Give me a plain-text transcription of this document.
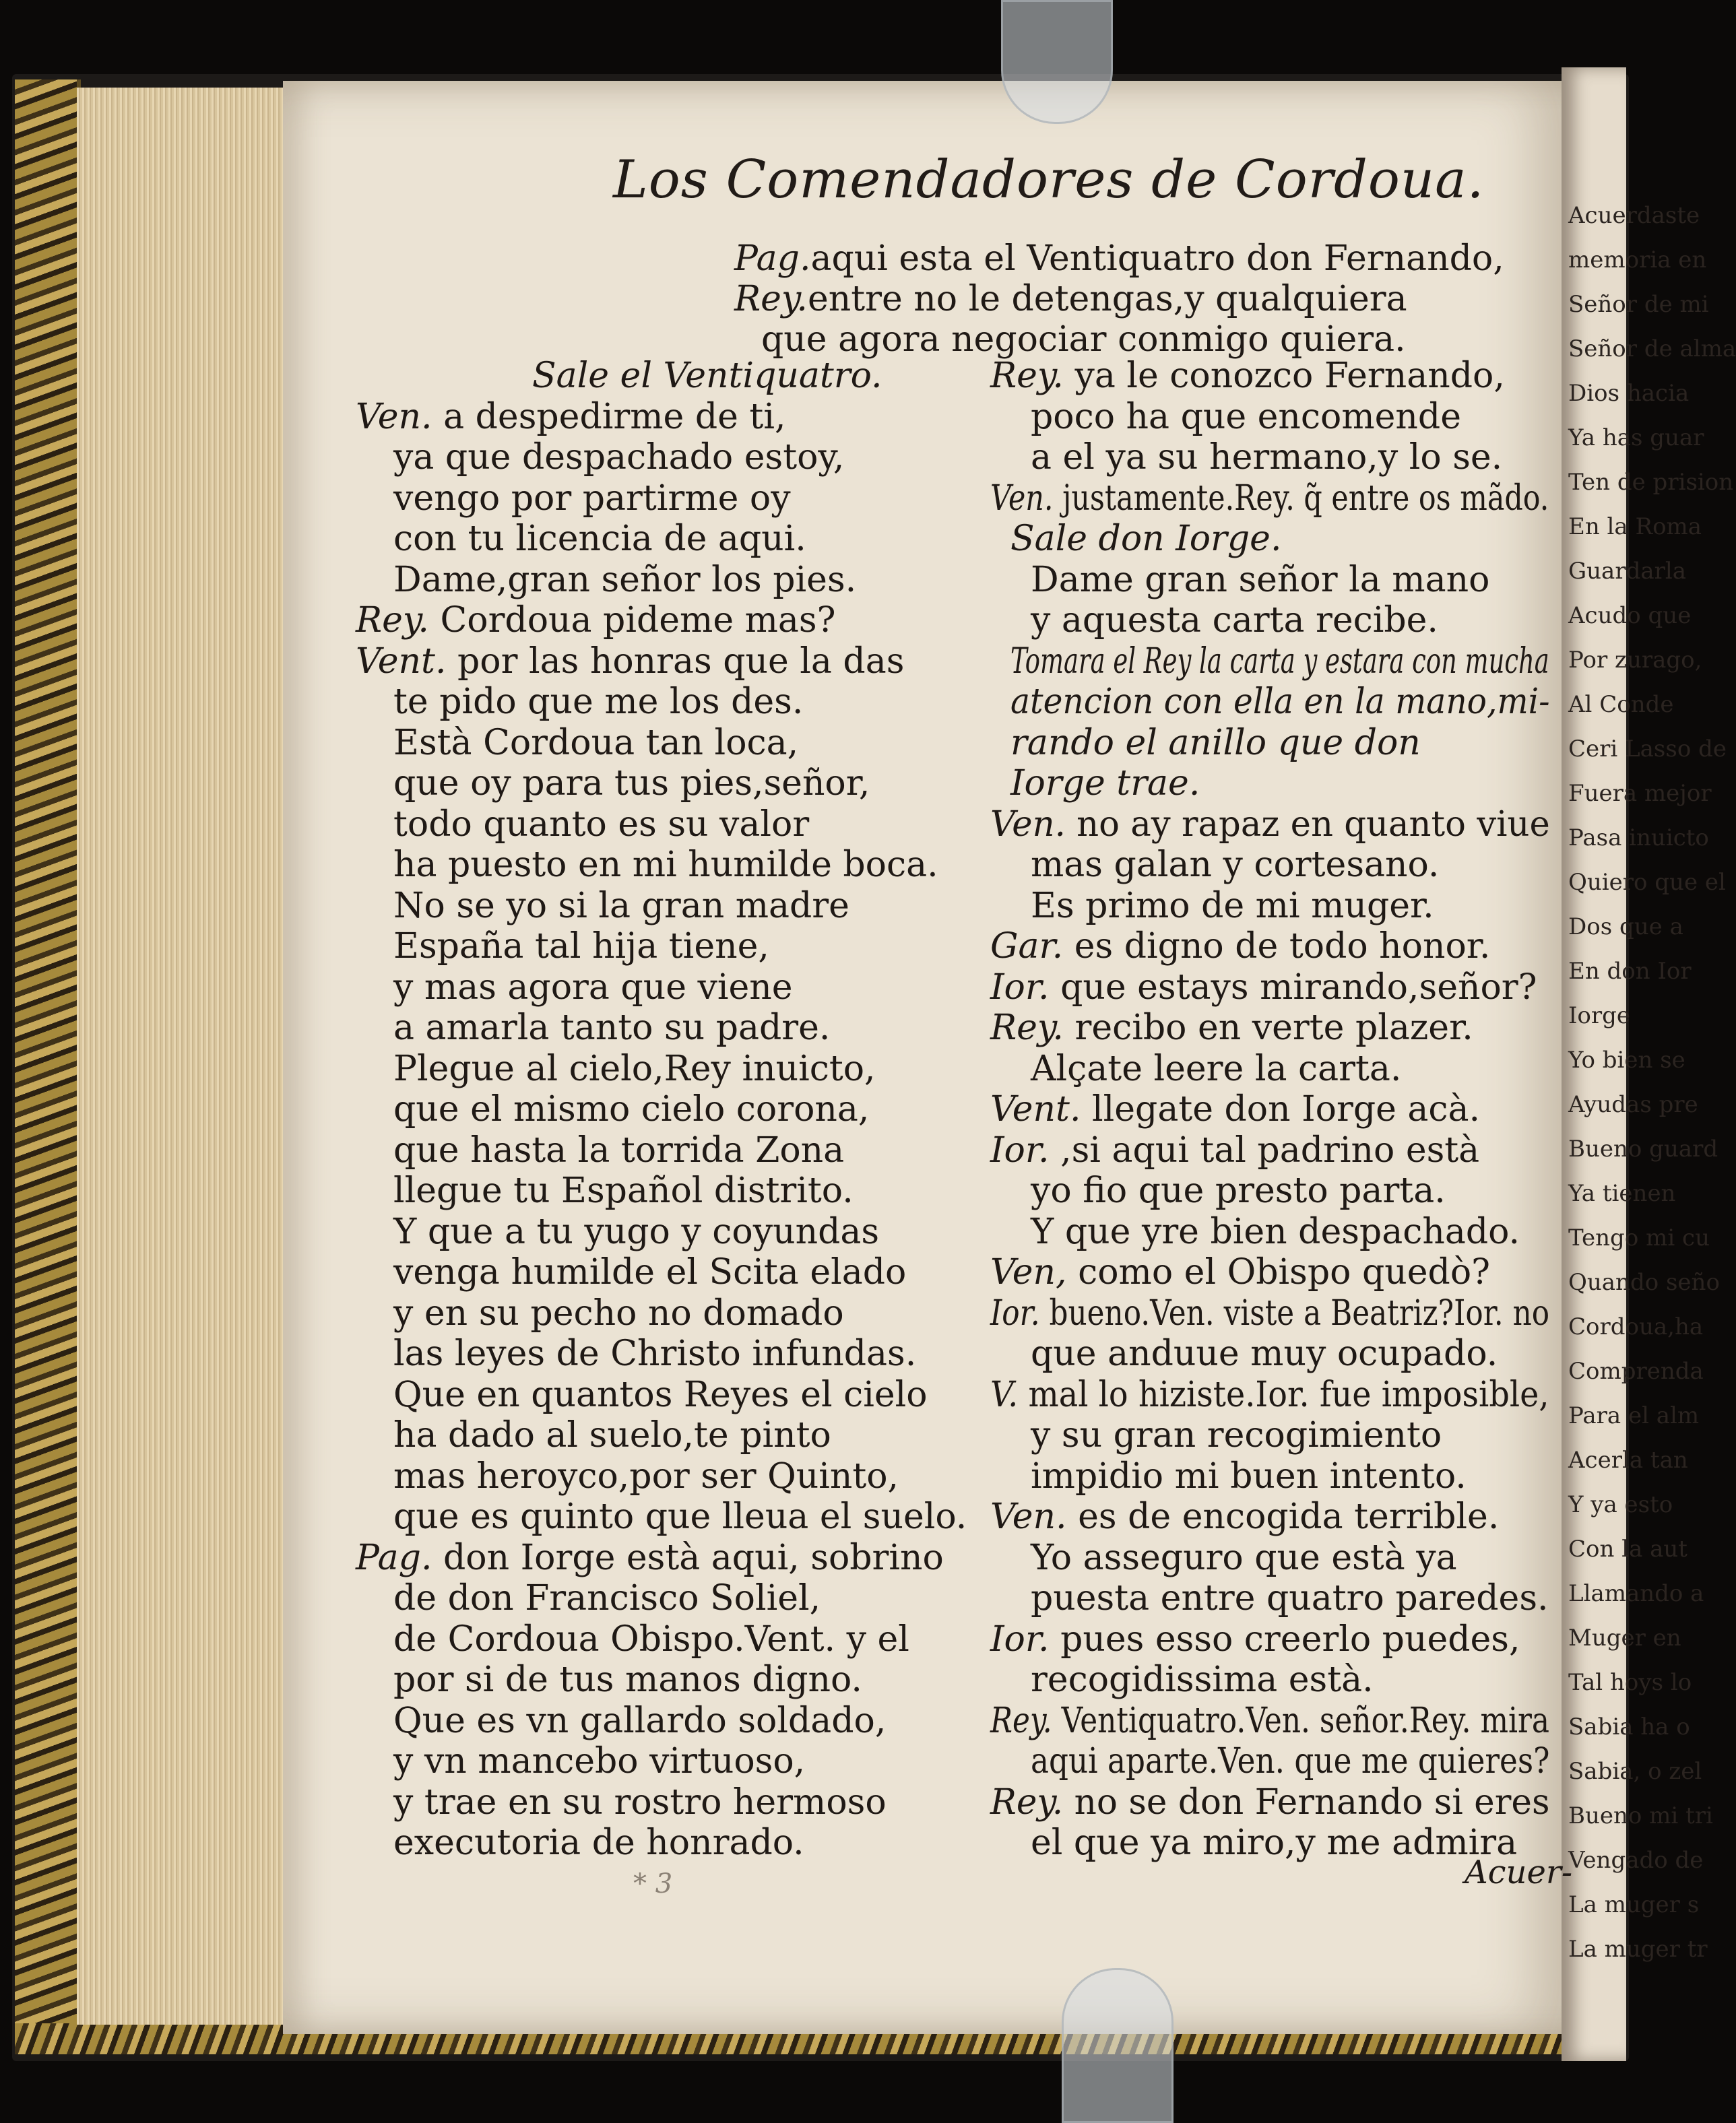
Acuerdaste
memoria en
Señor de mi
Señor de alma
Dios hacia
Ya has guar
Ten de prision
En la Roma
Guardarla
Acudo que
Por zurago,
Al Conde
Ceri Lasso de
Fuera mejor
Pasa inuicto
Quiero que el
Dos que a
En don Ior
Iorge
Yo bien se
Ayudas pre
Bueno guard
Ya tienen
Tengo mi cu
Quando seño
Cordoua,ha
Comprenda
Para el alm
Acerla tan
Y ya esto
Con la aut
Llamando a
Muger en
Tal hoys lo
Sabia ha o
Sabia, o zel
Bueno mi tri
Vengado de
La muger s
La muger tr
Los Comendadores de Cordoua.
Pag.aqui esta el Ventiquatro don Fernando,
Rey.entre no le detengas,y qualquiera
que agora negociar conmigo quiera.
Sale el Ventiquatro.
Ven. a despedirme de ti,
ya que despachado estoy,
vengo por partirme oy
con tu licencia de aqui.
Dame,gran señor los pies.
Rey. Cordoua pideme mas?
Vent. por las honras que la das
te pido que me los des.
Està Cordoua tan loca,
que oy para tus pies,señor,
todo quanto es su valor
ha puesto en mi humilde boca.
No se yo si la gran madre
España tal hija tiene,
y mas agora que viene
a amarla tanto su padre.
Plegue al cielo,Rey inuicto,
que el mismo cielo corona,
que hasta la torrida Zona
llegue tu Español distrito.
Y que a tu yugo y coyundas
venga humilde el Scita elado
y en su pecho no domado
las leyes de Christo infundas.
Que en quantos Reyes el cielo
ha dado al suelo,te pinto
mas heroyco,por ser Quinto,
que es quinto que lleua el suelo.
Pag. don Iorge està aqui, sobrino
de don Francisco Soliel,
de Cordoua Obispo.Vent. y el
por si de tus manos digno.
Que es vn gallardo soldado,
y vn mancebo virtuoso,
y trae en su rostro hermoso
executoria de honrado.
Rey. ya le conozco Fernando,
poco ha que encomende
a el ya su hermano,y lo se.
Ven. justamente.Rey. q̃ entre os mãdo.
Sale don Iorge.
Dame gran señor la mano
y aquesta carta recibe.
Tomara el Rey la carta y estara con mucha
atencion con ella en la mano,mi-
rando el anillo que don
Iorge trae.
Ven. no ay rapaz en quanto viue
mas galan y cortesano.
Es primo de mi muger.
Gar. es digno de todo honor.
Ior. que estays mirando,señor?
Rey. recibo en verte plazer.
Alçate leere la carta.
Vent. llegate don Iorge acà.
Ior. ,si aqui tal padrino està
yo fio que presto parta.
Y que yre bien despachado.
Ven, como el Obispo quedò?
Ior. bueno.Ven. viste a Beatriz?Ior. no
que anduue muy ocupado.
V. mal lo hiziste.Ior. fue imposible,
y su gran recogimiento
impidio mi buen intento.
Ven. es de encogida terrible.
Yo asseguro que està ya
puesta entre quatro paredes.
Ior. pues esso creerlo puedes,
recogidissima està.
Rey. Ventiquatro.Ven. señor.Rey. mira
aqui aparte.Ven. que me quieres?
Rey. no se don Fernando si eres
el que ya miro,y me admira
* 3	Acuer-
